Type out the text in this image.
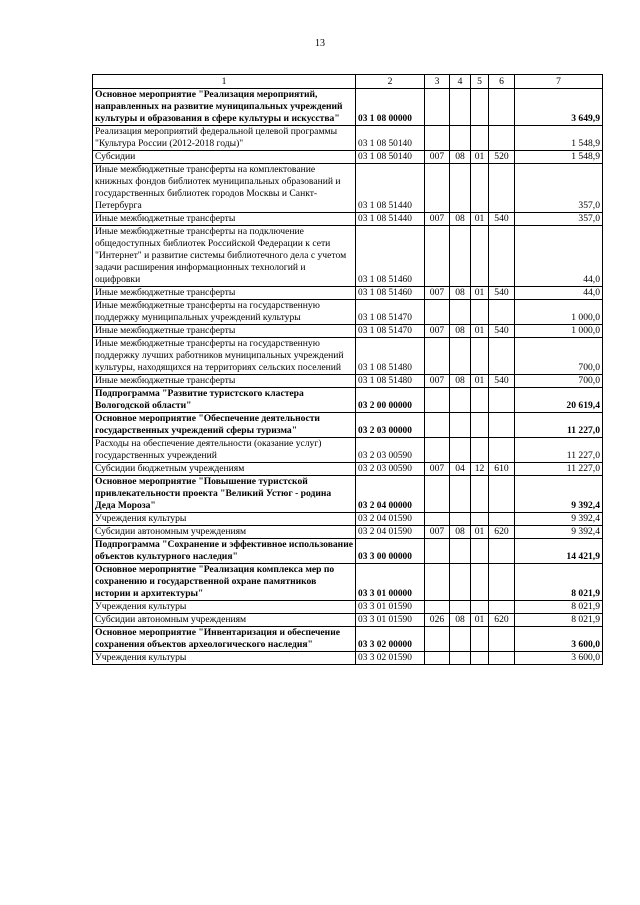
13
1	2	3	4	5	6	7
Основное мероприятие "Реализация мероприятий, направленных на развитие муниципальных учреждений культуры и образования в сфере культуры и искусства"	03 1 08 00000					3 649,9
Реализация мероприятий федеральной целевой программы "Культура России (2012-2018 годы)"	03 1 08 50140					1 548,9
Субсидии	03 1 08 50140	007	08	01	520	1 548,9
Иные межбюджетные трансферты на комплектование книжных фондов библиотек муниципальных образований и государственных библиотек городов Москвы и Санкт-Петербурга	03 1 08 51440					357,0
Иные межбюджетные трансферты	03 1 08 51440	007	08	01	540	357,0
Иные межбюджетные трансферты на подключение общедоступных библиотек Российской Федерации к сети "Интернет" и развитие системы библиотечного дела с учетом задачи расширения информационных технологий и оцифровки	03 1 08 51460					44,0
Иные межбюджетные трансферты	03 1 08 51460	007	08	01	540	44,0
Иные межбюджетные трансферты на государственную поддержку муниципальных учреждений культуры	03 1 08 51470					1 000,0
Иные межбюджетные трансферты	03 1 08 51470	007	08	01	540	1 000,0
Иные межбюджетные трансферты на государственную поддержку лучших работников муниципальных учреждений культуры, находящихся на территориях сельских поселений	03 1 08 51480					700,0
Иные межбюджетные трансферты	03 1 08 51480	007	08	01	540	700,0
Подпрограмма "Развитие туристского кластера Вологодской области"	03 2 00 00000					20 619,4
Основное мероприятие "Обеспечение деятельности государственных учреждений сферы туризма"	03 2 03 00000					11 227,0
Расходы на обеспечение деятельности (оказание услуг) государственных учреждений	03 2 03 00590					11 227,0
Субсидии бюджетным учреждениям	03 2 03 00590	007	04	12	610	11 227,0
Основное мероприятие "Повышение туристской привлекательности проекта "Великий Устюг - родина Деда Мороза"	03 2 04 00000					9 392,4
Учреждения культуры	03 2 04 01590					9 392,4
Субсидии автономным учреждениям	03 2 04 01590	007	08	01	620	9 392,4
Подпрограмма "Сохранение и эффективное использование объектов культурного наследия"	03 3 00 00000					14 421,9
Основное мероприятие "Реализация комплекса мер по сохранению и государственной охране памятников истории и архитектуры"	03 3 01 00000					8 021,9
Учреждения культуры	03 3 01 01590					8 021,9
Субсидии автономным учреждениям	03 3 01 01590	026	08	01	620	8 021,9
Основное мероприятие "Инвентаризация и обеспечение сохранения объектов археологического наследия"	03 3 02 00000					3 600,0
Учреждения культуры	03 3 02 01590					3 600,0
